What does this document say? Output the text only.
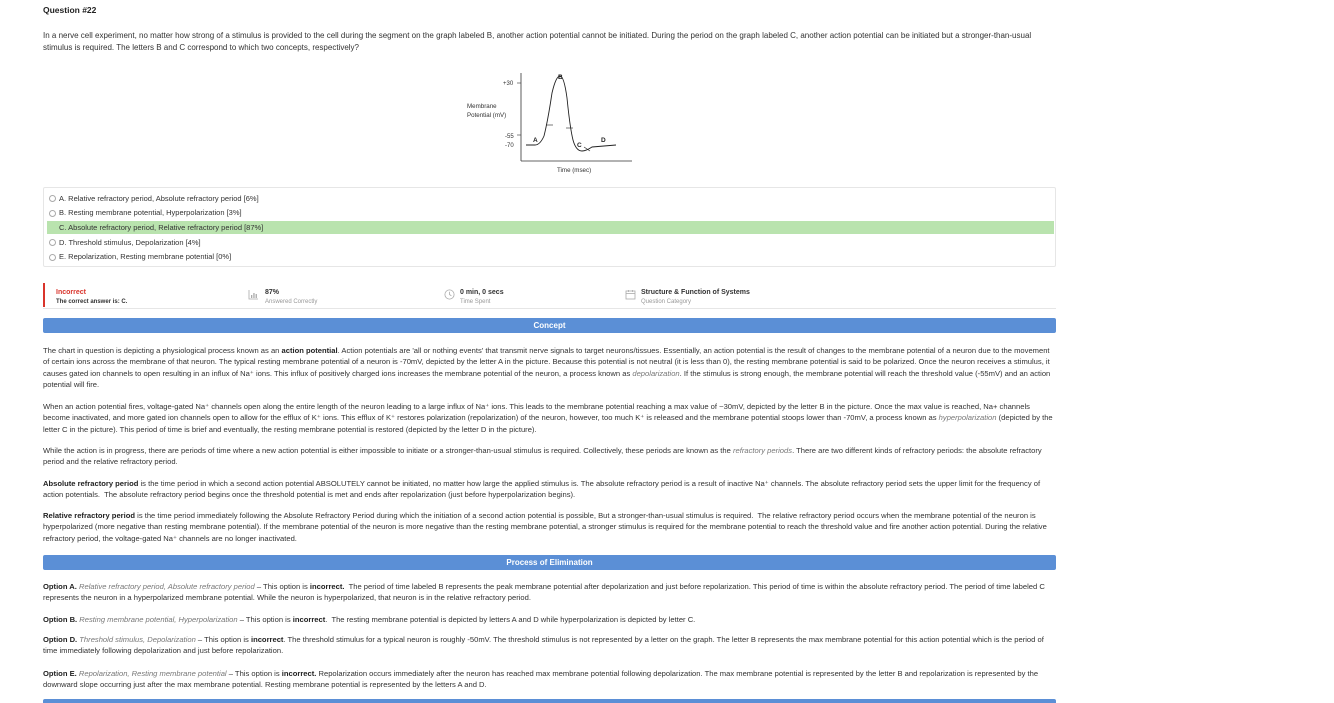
Question #22
In a nerve cell experiment, no matter how strong of a stimulus is provided to the cell during the segment on the graph labeled B, another action potential cannot be initiated. During the period on the graph labeled C, another action potential can be initiated but a stronger-than-usual stimulus is required. The letters B and C correspond to which two concepts, respectively?
+30
Membrane
Potential (mV)
-55
-70
A
B
C
D
Time (msec)
A. Relative refractory period, Absolute refractory period [6%]
B. Resting membrane potential, Hyperpolarization [3%]
C. Absolute refractory period, Relative refractory period [87%]
D. Threshold stimulus, Depolarization [4%]
E. Repolarization, Resting membrane potential [0%]
Incorrect
The correct answer is: C.
87%
Answered Correctly
0 min, 0 secs
Time Spent
Structure & Function of Systems
Question Category
Concept
The chart in question is depicting a physiological process known as an action potential. Action potentials are 'all or nothing events' that transmit nerve signals to target neurons/tissues. Essentially, an action potential is the result of changes to the membrane potential of a neuron due to the movement of certain ions across the membrane of that neuron. The typical resting membrane potential of a neuron is -70mV, depicted by the letter A in the picture. Because this potential is not neutral (it is less than 0), the resting membrane potential is said to be polarized. Once the neuron receives a stimulus, it causes gated ion channels to open resulting in an influx of Na⁺ ions. This influx of positively charged ions increases the membrane potential of the neuron, a process known as depolarization. If the stimulus is strong enough, the membrane potential will reach the threshold value (-55mV) and an action potential will fire.
When an action potential fires, voltage-gated Na⁺ channels open along the entire length of the neuron leading to a large influx of Na⁺ ions. This leads to the membrane potential reaching a max value of ~30mV, depicted by the letter B in the picture. Once the max value is reached, Na+ channels become inactivated, and more gated ion channels open to allow for the efflux of K⁺ ions. This efflux of K⁺ restores polarization (repolarization) of the neuron, however, too much K⁺ is released and the membrane potential stoops lower than -70mV, a process known as hyperpolarization (depicted by the letter C in the picture). This period of time is brief and eventually, the resting membrane potential is restored (depicted by the letter D in the picture).
While the action is in progress, there are periods of time where a new action potential is either impossible to initiate or a stronger-than-usual stimulus is required. Collectively, these periods are known as the refractory periods. There are two different kinds of refractory periods: the absolute refractory period and the relative refractory period.
Absolute refractory period is the time period in which a second action potential ABSOLUTELY cannot be initiated, no matter how large the applied stimulus is. The absolute refractory period is a result of inactive Na⁺ channels. The absolute refractory period sets the upper limit for the frequency of action potentials.  The absolute refractory period begins once the threshold potential is met and ends after repolarization (just before hyperpolarization begins).
Relative refractory period is the time period immediately following the Absolute Refractory Period during which the initiation of a second action potential is possible, But a stronger-than-usual stimulus is required.  The relative refractory period occurs when the membrane potential of the neuron is hyperpolarized (more negative than resting membrane potential). If the membrane potential of the neuron is more negative than the resting membrane potential, a stronger stimulus is required for the membrane potential to reach the threshold value and fire another action potential. During the relative refractory period, the voltage-gated Na⁺ channels are no longer inactivated.
Process of Elimination
Option A. Relative refractory period, Absolute refractory period – This option is incorrect.  The period of time labeled B represents the peak membrane potential after depolarization and just before repolarization. This period of time is within the absolute refractory period. The period of time labeled C represents the neuron in a hyperpolarized membrane potential. While the neuron is hyperpolarized, that neuron is in the relative refractory period.
Option B. Resting membrane potential, Hyperpolarization – This option is incorrect.  The resting membrane potential is depicted by letters A and D while hyperpolarization is depicted by letter C.
Option D. Threshold stimulus, Depolarization – This option is incorrect. The threshold stimulus for a typical neuron is roughly -50mV. The threshold stimulus is not represented by a letter on the graph. The letter B represents the max membrane potential for this action potential which is the period of time immediately following depolarization and just before repolarization.
Option E. Repolarization, Resting membrane potential – This option is incorrect. Repolarization occurs immediately after the neuron has reached max membrane potential following depolarization. The max membrane potential is represented by the letter B and repolarization is represented by the downward slope occurring just after the max membrane potential. Resting membrane potential is represented by the letters A and D.
